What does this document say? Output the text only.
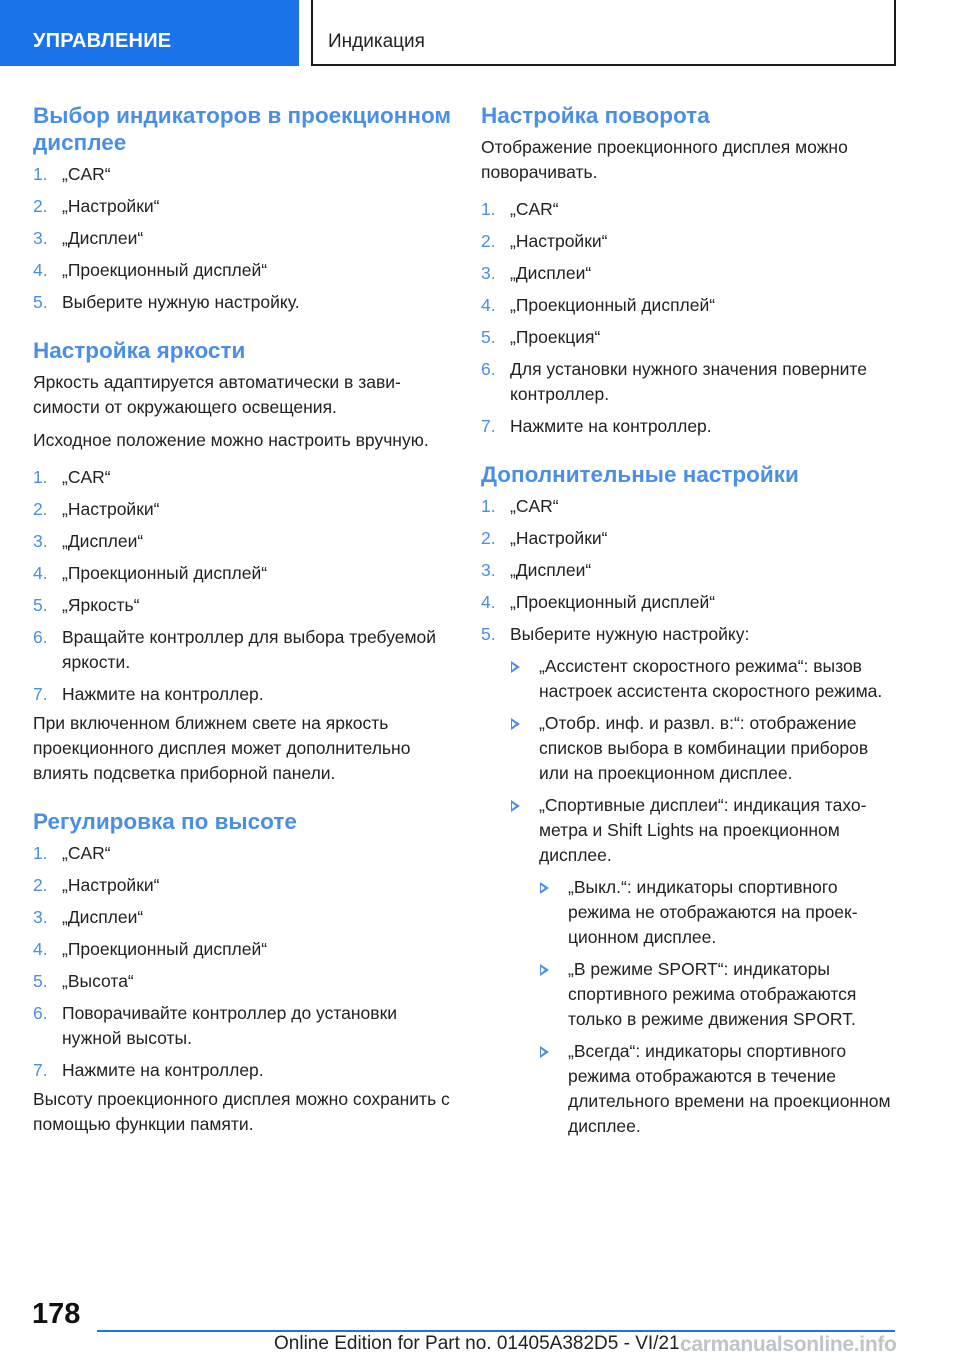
УПРАВЛЕНИЕ	Индикация
Выбор индикаторов в проекционном дисплее
1. „CAR“
2. „Настройки“
3. „Дисплеи“
4. „Проекционный дисплей“
5. Выберите нужную настройку.
Настройка яркости

Яркость адаптируется автоматически в зависимости от окружающего освещения.

Исходное положение можно настроить вручную.

1. „CAR“
2. „Настройки“
3. „Дисплеи“
4. „Проекционный дисплей“
5. „Яркость“
6. Вращайте контроллер для выбора требуемой яркости.
7. Нажмите на контроллер.

При включенном ближнем свете на яркость проекционного дисплея может дополнительно влиять подсветка приборной панели.

Регулировка по высоте
1. „CAR“
2. „Настройки“
3. „Дисплеи“
4. „Проекционный дисплей“
5. „Высота“
6. Поворачивайте контроллер до установки нужной высоты.
7. Нажмите на контроллер.

Высоту проекционного дисплея можно сохранить с помощью функции памяти.

Настройка поворота

Отображение проекционного дисплея можно поворачивать.

1. „CAR“
2. „Настройки“
3. „Дисплеи“
4. „Проекционный дисплей“
5. „Проекция“
6. Для установки нужного значения поверните контроллер.
7. Нажмите на контроллер.
Дополнительные настройки
1. „CAR“
2. „Настройки“
3. „Дисплеи“
4. „Проекционный дисплей“
5. Выберите нужную настройку:
„Ассистент скоростного режима“: вызов настроек ассистента скоростного режима.
„Отобр. инф. и развл. в:“: отображение списков выбора в комбинации приборов или на проекционном дисплее.
„Спортивные дисплеи“: индикация тахометра и Shift Lights на проекционном дисплее.
„Выкл.“: индикаторы спортивного режима не отображаются на проекционном дисплее.
„В режиме SPORT“: индикаторы спортивного режима отображаются только в режиме движения SPORT.
„Всегда“: индикаторы спортивного режима отображаются в течение длительного времени на проекционном дисплее.
178
Online Edition for Part no. 01405A382D5 - VI/21 carmanualsonline.info
